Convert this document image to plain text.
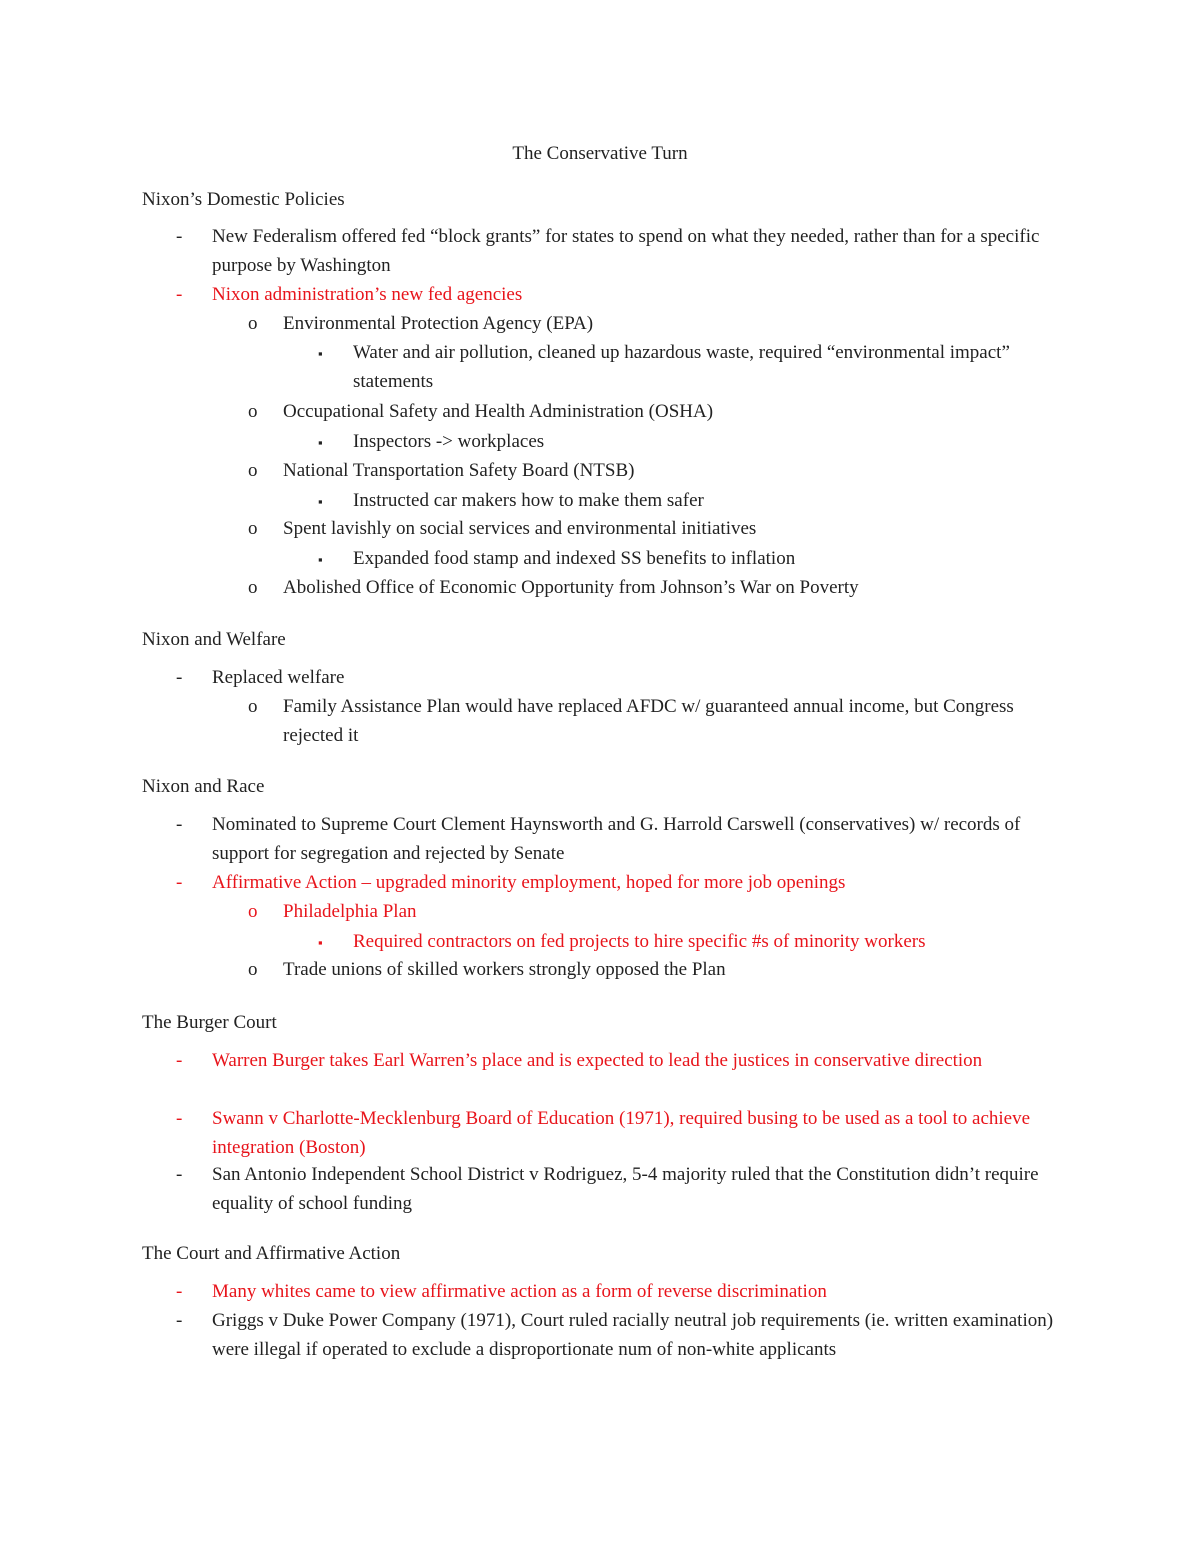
The Conservative Turn
Nixon’s Domestic Policies
- New Federalism offered fed “block grants” for states to spend on what they needed, rather than for a specific purpose by Washington
- Nixon administration’s new fed agencies
o Environmental Protection Agency (EPA)
▪ Water and air pollution, cleaned up hazardous waste, required “environmental impact” statements
o Occupational Safety and Health Administration (OSHA)
▪ Inspectors -> workplaces
o National Transportation Safety Board (NTSB)
▪ Instructed car makers how to make them safer
o Spent lavishly on social services and environmental initiatives
▪ Expanded food stamp and indexed SS benefits to inflation
o Abolished Office of Economic Opportunity from Johnson’s War on Poverty
Nixon and Welfare
- Replaced welfare
o Family Assistance Plan would have replaced AFDC w/ guaranteed annual income, but Congress rejected it
Nixon and Race
- Nominated to Supreme Court Clement Haynsworth and G. Harrold Carswell (conservatives) w/ records of support for segregation and rejected by Senate
- Affirmative Action – upgraded minority employment, hoped for more job openings
o Philadelphia Plan
▪ Required contractors on fed projects to hire specific #s of minority workers
o Trade unions of skilled workers strongly opposed the Plan
The Burger Court
- Warren Burger takes Earl Warren’s place and is expected to lead the justices in conservative direction
- Swann v Charlotte-Mecklenburg Board of Education (1971), required busing to be used as a tool to achieve integration (Boston)
- San Antonio Independent School District v Rodriguez, 5-4 majority ruled that the Constitution didn’t require equality of school funding
The Court and Affirmative Action
- Many whites came to view affirmative action as a form of reverse discrimination
- Griggs v Duke Power Company (1971), Court ruled racially neutral job requirements (ie. written examination) were illegal if operated to exclude a disproportionate num of non-white applicants
